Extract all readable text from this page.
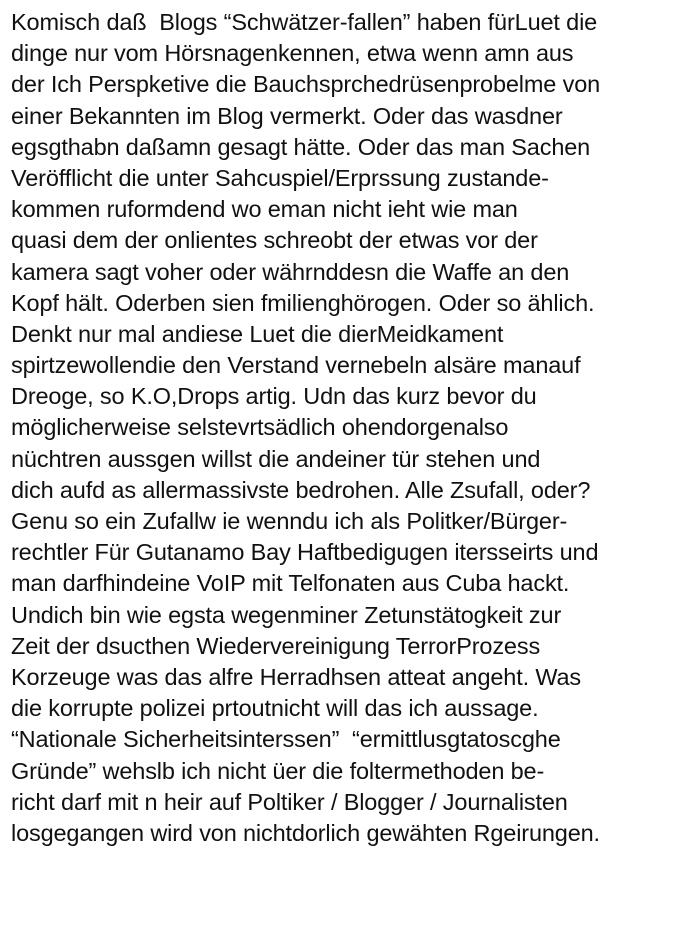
Komisch daß  Blogs “Schwätzer-fallen” haben fürLuet die
dinge nur vom Hörsnagenkennen, etwa wenn amn aus
der Ich Perspketive die Bauchsprchedrüsenprobelme von
einer Bekannten im Blog vermerkt. Oder das wasdner
egsgthabn daßamn gesagt hätte. Oder das man Sachen
Veröfflicht die unter Sahcuspiel/Erprssung zustande-
kommen ruformdend wo eman nicht ieht wie man
quasi dem der onlientes schreobt der etwas vor der
kamera sagt voher oder währnddesn die Waffe an den
Kopf hält. Oderben sien fmilienghörogen. Oder so ählich.
Denkt nur mal andiese Luet die dierMeidkament
spirtzewollendie den Verstand vernebeln alsäre manauf
Dreoge, so K.O,Drops artig. Udn das kurz bevor du
möglicherweise selstevrtsädlich ohendorgenalso
nüchtren aussgen willst die andeiner tür stehen und
dich aufd as allermassivste bedrohen. Alle Zsufall, oder?
Genu so ein Zufallw ie wenndu ich als Politker/Bürger-
rechtler Für Gutanamo Bay Haftbedigugen itersseirts und
man darfhindeine VoIP mit Telfonaten aus Cuba hackt.
Undich bin wie egsta wegenminer Zetunstätogkeit zur
Zeit der dsucthen Wiedervereinigung TerrorProzess
Korzeuge was das alfre Herradhsen atteat angeht. Was
die korrupte polizei prtoutnicht will das ich aussage.
“Nationale Sicherheitsinterssen”  “ermittlusgtatoscghe
Gründe” wehslb ich nicht üer die foltermethoden be-
richt darf mit n heir auf Poltiker / Blogger / Journalisten
losgegangen wird von nichtdorlich gewähten Rgeirungen.
